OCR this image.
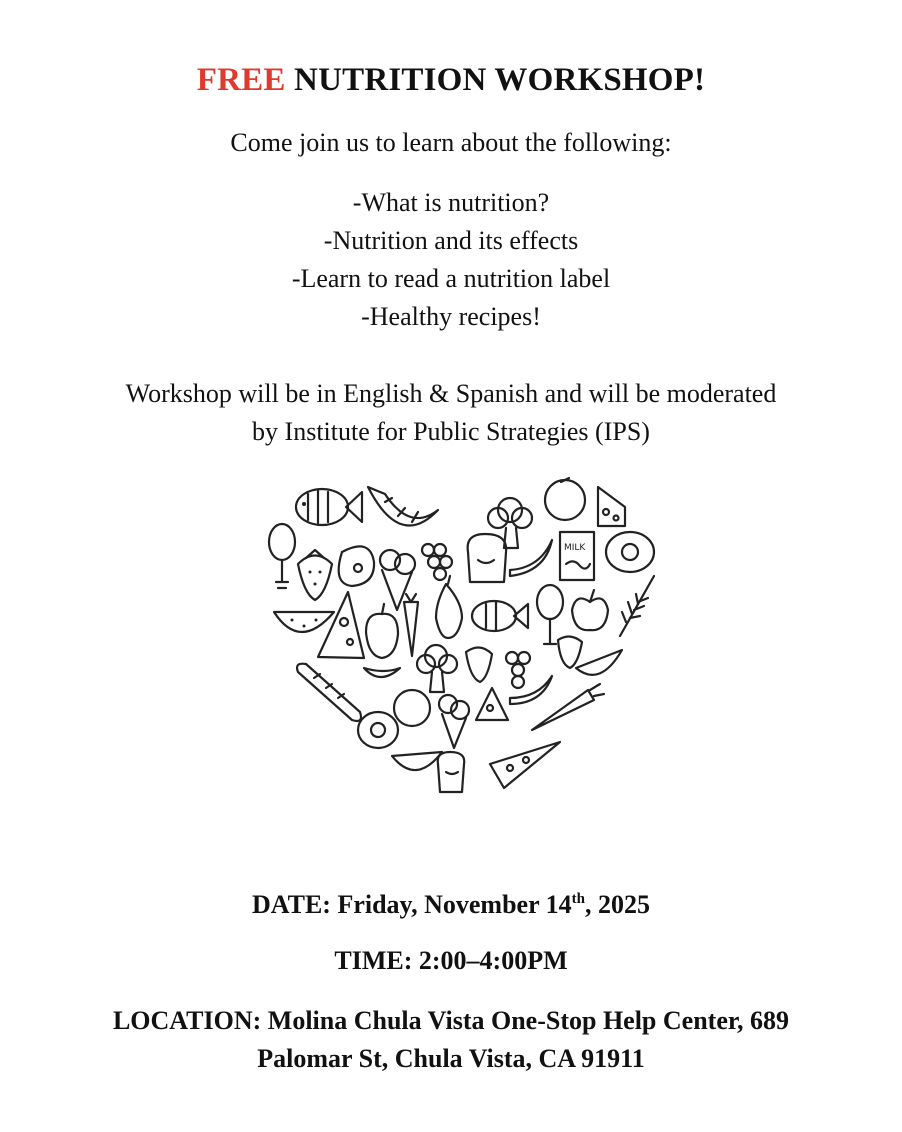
FREE NUTRITION WORKSHOP!
Come join us to learn about the following:
-What is nutrition?
-Nutrition and its effects
-Learn to read a nutrition label
-Healthy recipes!
Workshop will be in English & Spanish and will be moderated
by Institute for Public Strategies (IPS)
MILK
DATE: Friday, November 14th, 2025
TIME: 2:00–4:00PM
LOCATION: Molina Chula Vista One-Stop Help Center, 689
Palomar St, Chula Vista, CA 91911
